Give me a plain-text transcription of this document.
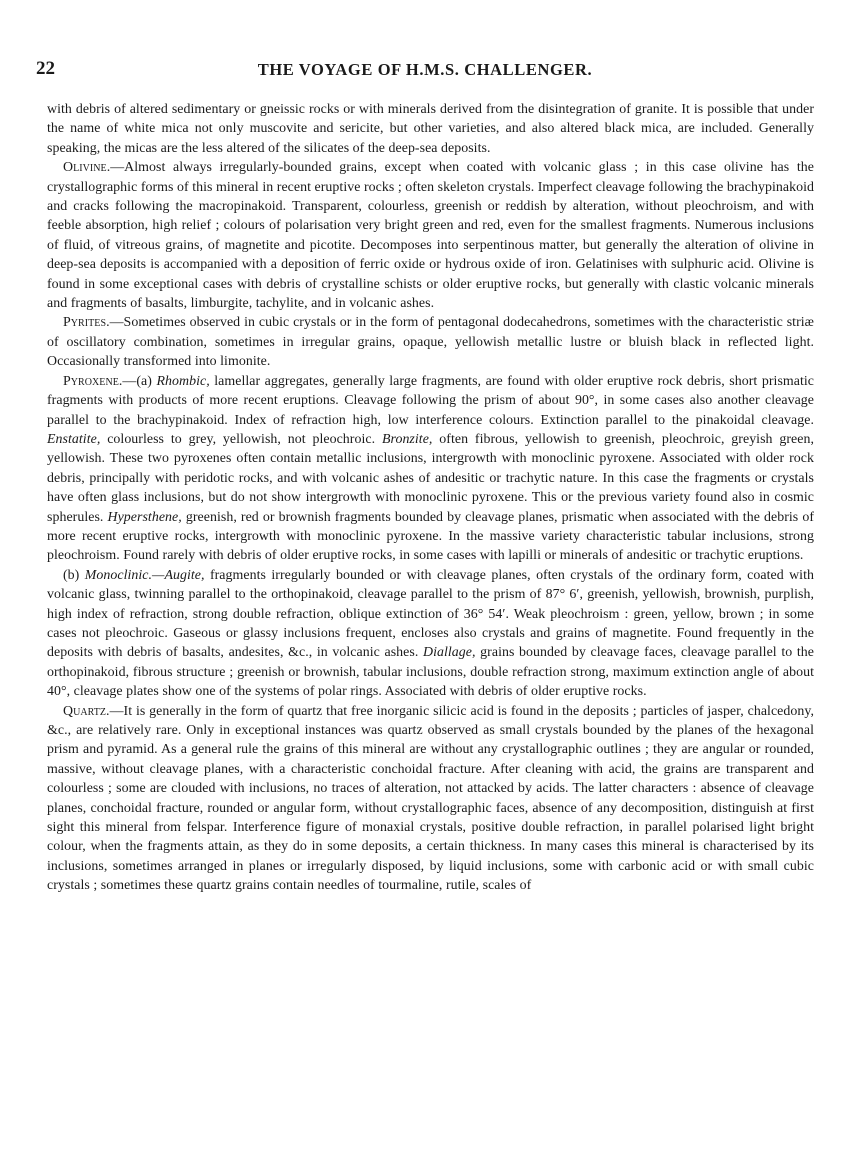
22	THE VOYAGE OF H.M.S. CHALLENGER.

with debris of altered sedimentary or gneissic rocks or with minerals derived from the disintegration of granite. It is possible that under the name of white mica not only muscovite and sericite, but other varieties, and also altered black mica, are included. Generally speaking, the micas are the less altered of the silicates of the deep-sea deposits.

Olivine.—Almost always irregularly-bounded grains, except when coated with volcanic glass ; in this case olivine has the crystallographic forms of this mineral in recent eruptive rocks ; often skeleton crystals. Imperfect cleavage following the brachypinakoid and cracks following the macropinakoid. Transparent, colourless, greenish or reddish by alteration, without pleochroism, and with feeble absorption, high relief ; colours of polarisation very bright green and red, even for the smallest fragments. Numerous inclusions of fluid, of vitreous grains, of magnetite and picotite. Decomposes into serpentinous matter, but generally the alteration of olivine in deep-sea deposits is accompanied with a deposition of ferric oxide or hydrous oxide of iron. Gelatinises with sulphuric acid. Olivine is found in some exceptional cases with debris of crystalline schists or older eruptive rocks, but generally with clastic volcanic minerals and fragments of basalts, limburgite, tachylite, and in volcanic ashes.

Pyrites.—Sometimes observed in cubic crystals or in the form of pentagonal dodecahedrons, sometimes with the characteristic striæ of oscillatory combination, sometimes in irregular grains, opaque, yellowish metallic lustre or bluish black in reflected light. Occasionally transformed into limonite.

Pyroxene.—(a) Rhombic, lamellar aggregates, generally large fragments, are found with older eruptive rock debris, short prismatic fragments with products of more recent eruptions. Cleavage following the prism of about 90°, in some cases also another cleavage parallel to the brachypinakoid. Index of refraction high, low interference colours. Extinction parallel to the pinakoidal cleavage. Enstatite, colourless to grey, yellowish, not pleochroic. Bronzite, often fibrous, yellowish to greenish, pleochroic, greyish green, yellowish. These two pyroxenes often contain metallic inclusions, intergrowth with monoclinic pyroxene. Associated with older rock debris, principally with peridotic rocks, and with volcanic ashes of andesitic or trachytic nature. In this case the fragments or crystals have often glass inclusions, but do not show intergrowth with monoclinic pyroxene. This or the previous variety found also in cosmic spherules. Hypersthene, greenish, red or brownish fragments bounded by cleavage planes, prismatic when associated with the debris of more recent eruptive rocks, intergrowth with monoclinic pyroxene. In the massive variety characteristic tabular inclusions, strong pleochroism. Found rarely with debris of older eruptive rocks, in some cases with lapilli or minerals of andesitic or trachytic eruptions.

(b) Monoclinic.—Augite, fragments irregularly bounded or with cleavage planes, often crystals of the ordinary form, coated with volcanic glass, twinning parallel to the orthopinakoid, cleavage parallel to the prism of 87° 6′, greenish, yellowish, brownish, purplish, high index of refraction, strong double refraction, oblique extinction of 36° 54′. Weak pleochroism : green, yellow, brown ; in some cases not pleochroic. Gaseous or glassy inclusions frequent, encloses also crystals and grains of magnetite. Found frequently in the deposits with debris of basalts, andesites, &c., in volcanic ashes. Diallage, grains bounded by cleavage faces, cleavage parallel to the orthopinakoid, fibrous structure ; greenish or brownish, tabular inclusions, double refraction strong, maximum extinction angle of about 40°, cleavage plates show one of the systems of polar rings. Associated with debris of older eruptive rocks.

Quartz.—It is generally in the form of quartz that free inorganic silicic acid is found in the deposits ; particles of jasper, chalcedony, &c., are relatively rare. Only in exceptional instances was quartz observed as small crystals bounded by the planes of the hexagonal prism and pyramid. As a general rule the grains of this mineral are without any crystallographic outlines ; they are angular or rounded, massive, without cleavage planes, with a characteristic conchoidal fracture. After cleaning with acid, the grains are transparent and colourless ; some are clouded with inclusions, no traces of alteration, not attacked by acids. The latter characters : absence of cleavage planes, conchoidal fracture, rounded or angular form, without crystallographic faces, absence of any decomposition, distinguish at first sight this mineral from felspar. Interference figure of monaxial crystals, positive double refraction, in parallel polarised light bright colour, when the fragments attain, as they do in some deposits, a certain thickness. In many cases this mineral is characterised by its inclusions, sometimes arranged in planes or irregularly disposed, by liquid inclusions, some with carbonic acid or with small cubic crystals ; sometimes these quartz grains contain needles of tourmaline, rutile, scales of
